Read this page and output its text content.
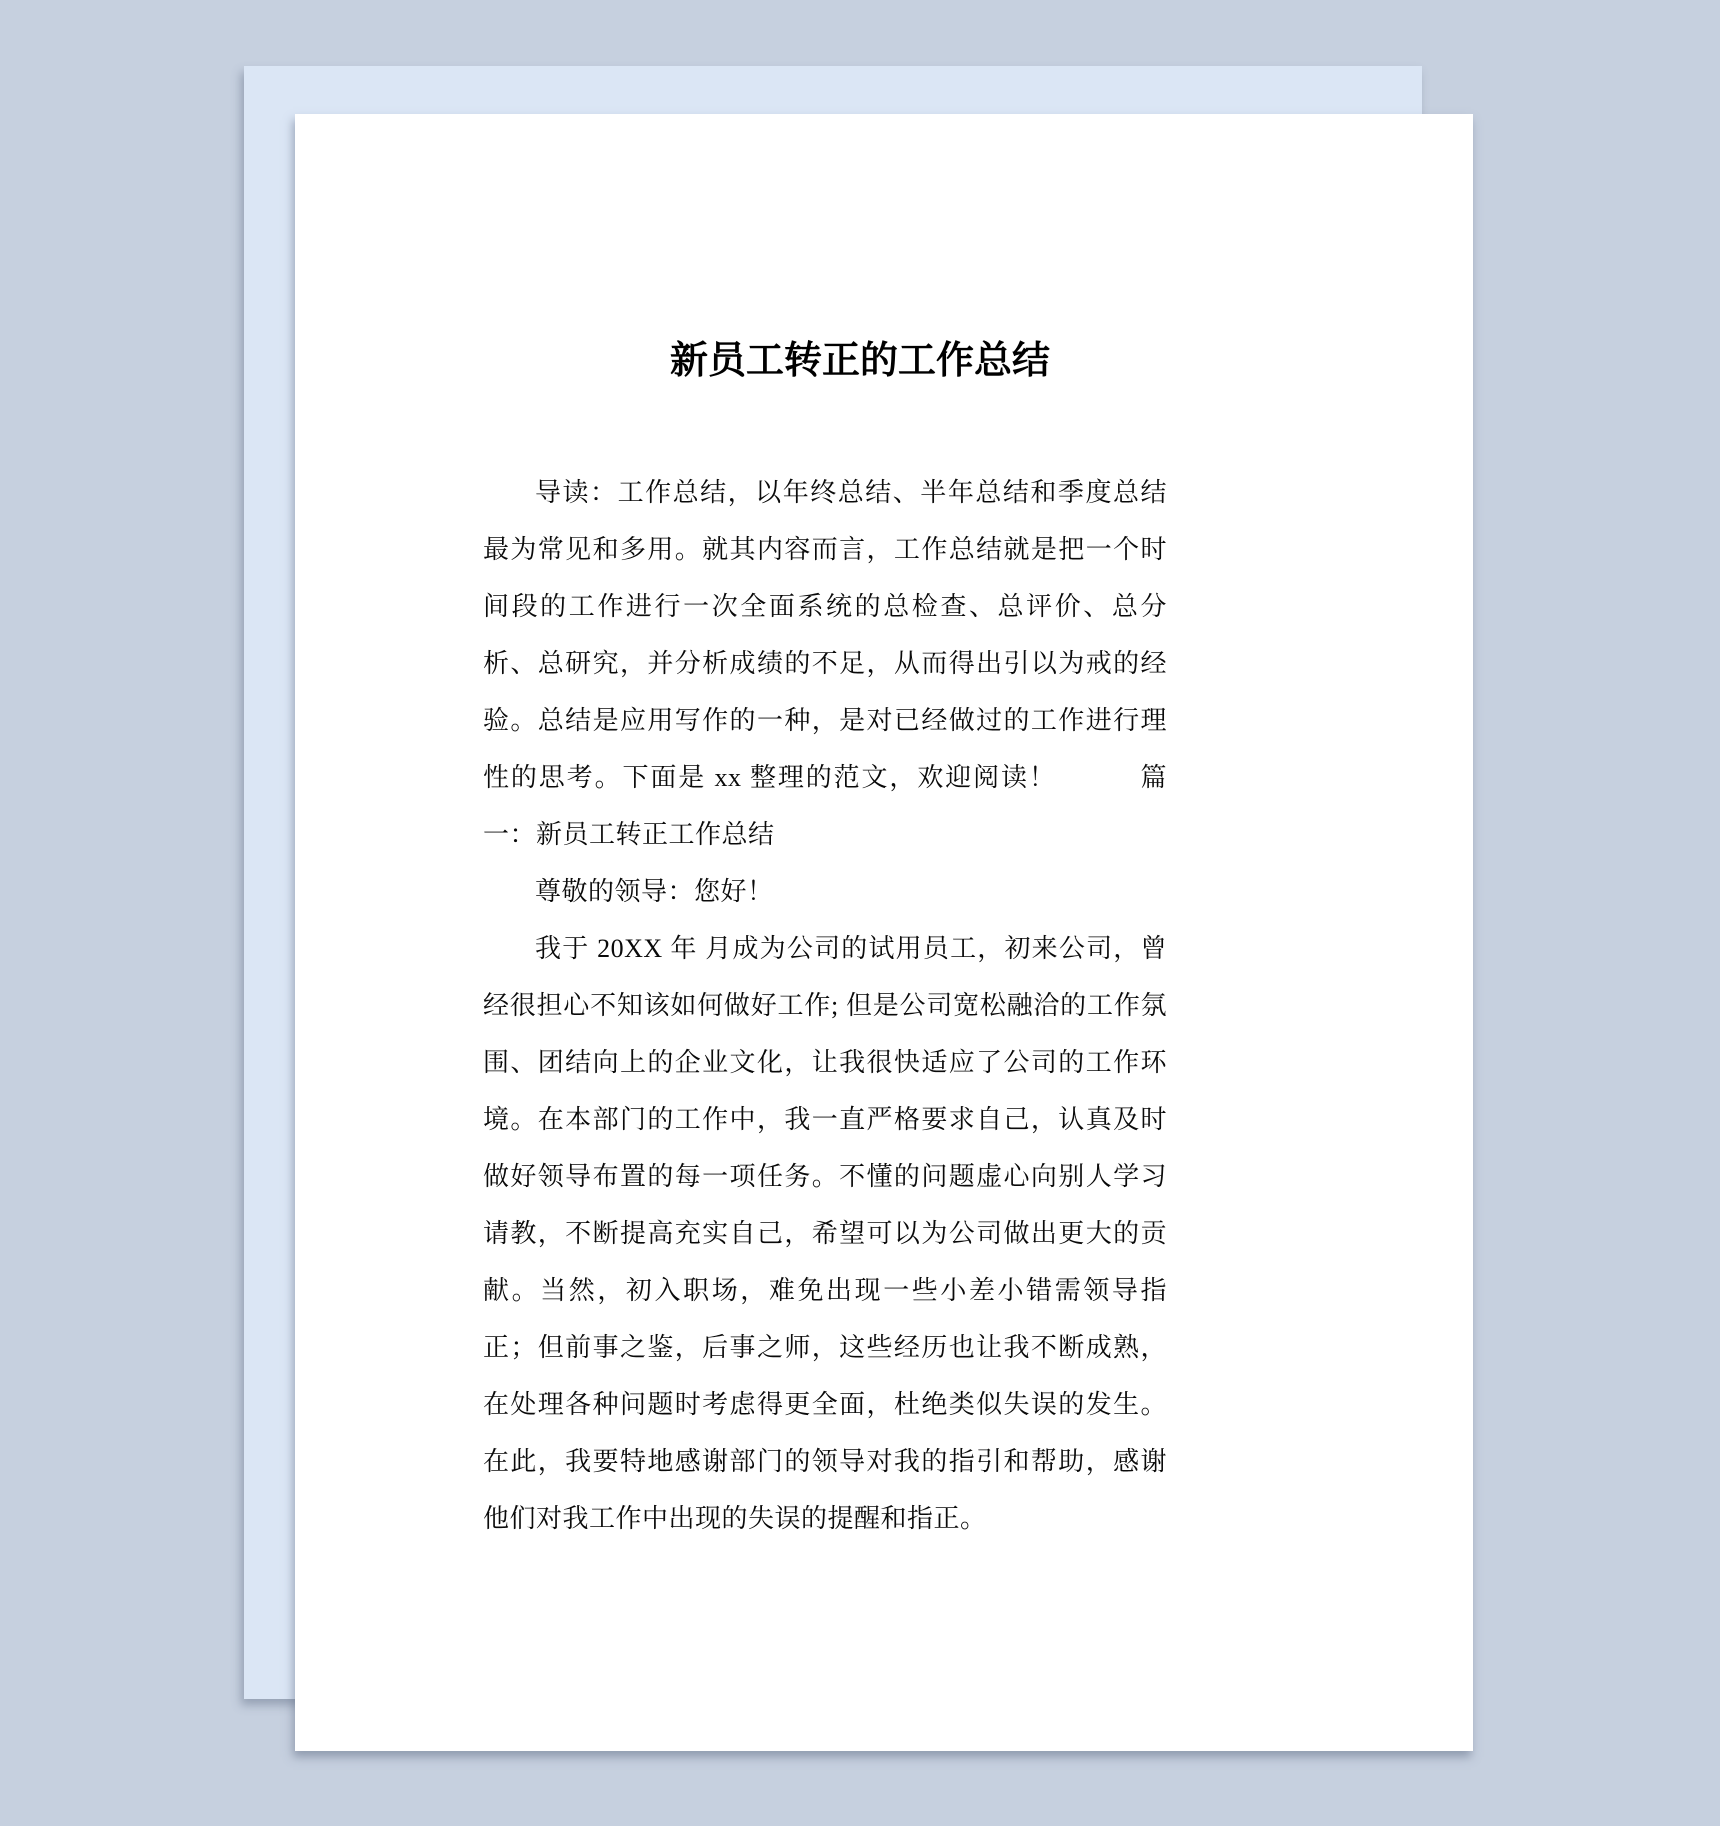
新员工转正的工作总结

导读：工作总结，以年终总结、半年总结和季度总结最为常见和多用。就其内容而言，工作总结就是把一个时间段的工作进行一次全面系统的总检查、总评价、总分析、总研究，并分析成绩的不足，从而得出引以为戒的经验。总结是应用写作的一种，是对已经做过的工作进行理性的思考。下面是 xx 整理的范文，欢迎阅读！　　　篇一：新员工转正工作总结

尊敬的领导：您好！

我于 20XX 年 月成为公司的试用员工，初来公司，曾经很担心不知该如何做好工作; 但是公司宽松融洽的工作氛围、团结向上的企业文化，让我很快适应了公司的工作环境。在本部门的工作中，我一直严格要求自己，认真及时做好领导布置的每一项任务。不懂的问题虚心向别人学习请教，不断提高充实自己，希望可以为公司做出更大的贡献。当然，初入职场，难免出现一些小差小错需领导指正；但前事之鉴，后事之师，这些经历也让我不断成熟，在处理各种问题时考虑得更全面，杜绝类似失误的发生。在此，我要特地感谢部门的领导对我的指引和帮助，感谢他们对我工作中出现的失误的提醒和指正。
